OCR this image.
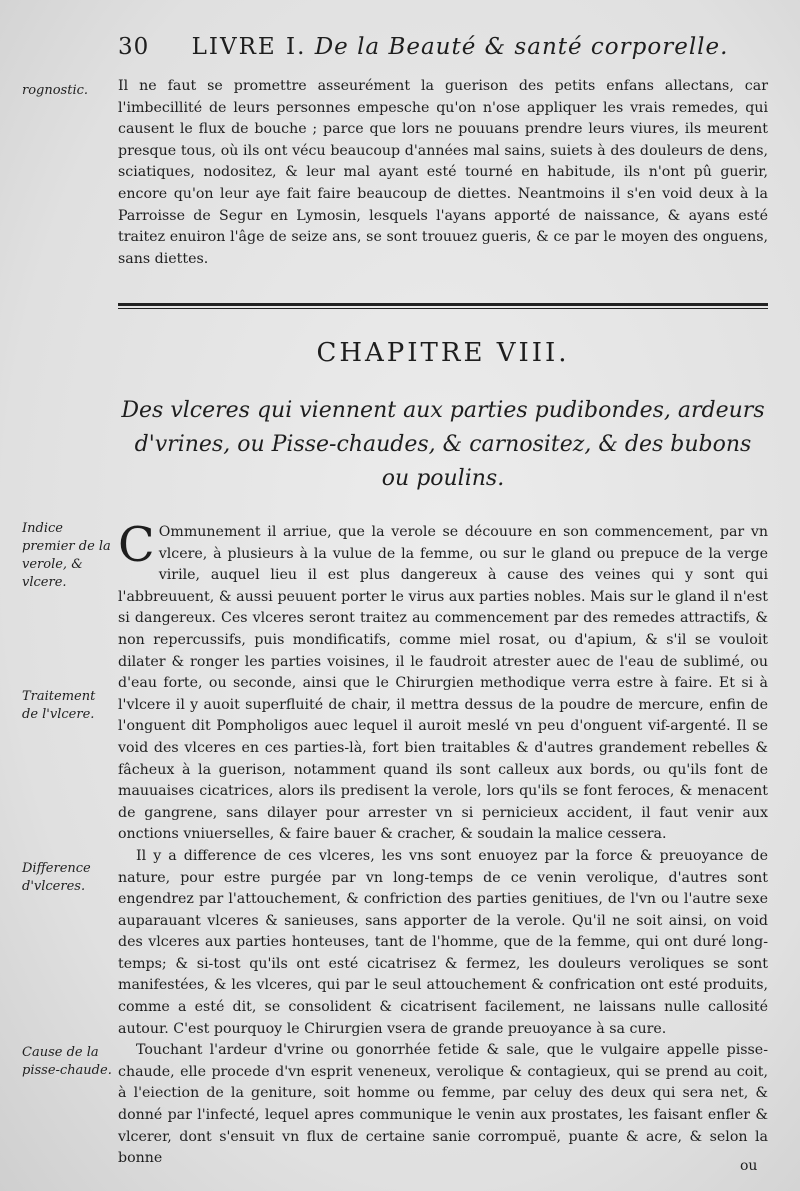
30 LIVRE I. De la Beauté & santé corporelle.
rognostic.
Indice premier de la verole, & vlcere.
Traitement de l'vlcere.
Difference d'vlceres.
Cause de la pisse-chaude.

Il ne faut se promettre asseurément la guerison des petits enfans allectans, car l'imbecillité de leurs personnes empesche qu'on n'ose appliquer les vrais remedes, qui causent le flux de bouche ; parce que lors ne pouuans prendre leurs viures, ils meurent presque tous, où ils ont vécu beaucoup d'années mal sains, suiets à des douleurs de dens, sciatiques, nodositez, & leur mal ayant esté tourné en habitude, ils n'ont pû guerir, encore qu'on leur aye fait faire beaucoup de diettes. Neantmoins il s'en void deux à la Parroisse de Segur en Lymosin, lesquels l'ayans apporté de naissance, & ayans esté traitez enuiron l'âge de seize ans, se sont trouuez gueris, & ce par le moyen des onguens, sans diettes.

CHAPITRE VIII.
Des vlceres qui viennent aux parties pudibondes, ardeurs d'vrines, ou Pisse-chaudes, & carnositez, & des bubons ou poulins.

C Ommunement il arriue, que la verole se découure en son commencement, par vn vlcere, à plusieurs à la vulue de la femme, ou sur le gland ou prepuce de la verge virile, auquel lieu il est plus dangereux à cause des veines qui y sont qui l'abbreuuent, & aussi peuuent porter le virus aux parties nobles. Mais sur le gland il n'est si dangereux. Ces vlceres seront traitez au commencement par des remedes attractifs, & non repercussifs, puis mondificatifs, comme miel rosat, ou d'apium, & s'il se vouloit dilater & ronger les parties voisines, il le faudroit atrester auec de l'eau de sublimé, ou d'eau forte, ou seconde, ainsi que le Chirurgien methodique verra estre à faire. Et si à l'vlcere il y auoit superfluité de chair, il mettra dessus de la poudre de mercure, enfin de l'onguent dit Pompholigos auec lequel il auroit meslé vn peu d'onguent vif-argenté. Il se void des vlceres en ces parties-là, fort bien traitables & d'autres grandement rebelles & fâcheux à la guerison, notamment quand ils sont calleux aux bords, ou qu'ils font de mauuaises cicatrices, alors ils predisent la verole, lors qu'ils se font feroces, & menacent de gangrene, sans dilayer pour arrester vn si pernicieux accident, il faut venir aux onctions vniuerselles, & faire bauer & cracher, & soudain la malice cessera.

Il y a difference de ces vlceres, les vns sont enuoyez par la force & preuoyance de nature, pour estre purgée par vn long-temps de ce venin verolique, d'autres sont engendrez par l'attouchement, & confriction des parties genitiues, de l'vn ou l'autre sexe auparauant vlceres & sanieuses, sans apporter de la verole. Qu'il ne soit ainsi, on void des vlceres aux parties honteuses, tant de l'homme, que de la femme, qui ont duré long-temps; & si-tost qu'ils ont esté cicatrisez & fermez, les douleurs veroliques se sont manifestées, & les vlceres, qui par le seul attouchement & confrication ont esté produits, comme a esté dit, se consolident & cicatrisent facilement, ne laissans nulle callosité autour. C'est pourquoy le Chirurgien vsera de grande preuoyance à sa cure.

Touchant l'ardeur d'vrine ou gonorrhée fetide & sale, que le vulgaire appelle pisse-chaude, elle procede d'vn esprit veneneux, verolique & contagieux, qui se prend au coit, à l'eiection de la geniture, soit homme ou femme, par celuy des deux qui sera net, & donné par l'infecté, lequel apres communique le venin aux prostates, les faisant enfler & vlcerer, dont s'ensuit vn flux de certaine sanie corrompuë, puante & acre, & selon la bonne	ou
